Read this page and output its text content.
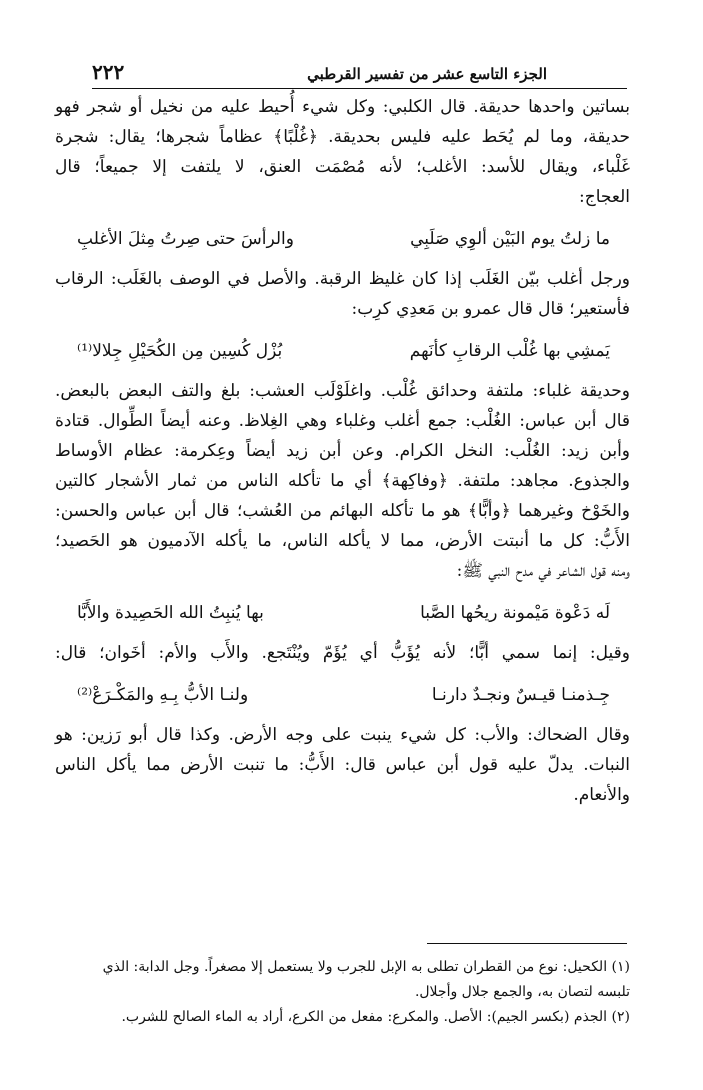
٢٢٢	الجزء التاسع عشر من تفسير القرطبي

بساتين واحدها حديقة. قال الكلبي: وكل شيء أُحيط عليه من نخيل أو شجر فهو

حديقة، وما لم يُحَط عليه فليس بحديقة. ﴿غُلْبًا﴾ عظاماً شجرها؛ يقال: شجرة

غَلْباء، ويقال للأسد: الأغلب؛ لأنه مُصْمَت العنق، لا يلتفت إلا جميعاً؛ قال

العجاج:

ما زلتُ يوم البَيْن ألوِي صَلَبِي
والرأسَ حتى صِرتُ مِثلَ الأغلبِ

ورجل أغلب بيّن الغَلَب إذا كان غليظ الرقبة. والأصل في الوصف بالغَلَب: الرقاب

فأستعير؛ قال قال عمرو بن مَعدِي كرِب:

يَمشِي بها غُلْب الرقابِ كأنَهم
بُزْل كُسِين مِن الكُحَيْلِ جِلالا⁽¹⁾

وحديقة غلباء: ملتفة وحدائق غُلْب. واغلَوْلَب العشب: بلغ والتف البعض بالبعض.

قال أبن عباس: الغُلْب: جمع أغلب وغلباء وهي الغِلاظ. وعنه أيضاً الطِّوال. قتادة

وأبن زيد: الغُلْب: النخل الكرام. وعن أبن زيد أيضاً وعِكرمة: عظام الأوساط

والجذوع. مجاهد: ملتفة. ﴿وفاكِهة﴾ أي ما تأكله الناس من ثمار الأشجار كالتين

والخَوْخ وغيرهما ﴿وأبًّا﴾ هو ما تأكله البهائم من العُشب؛ قال أبن عباس والحسن:

الأَبُّ: كل ما أنبتت الأرض، مما لا يأكله الناس، ما يأكله الآدميون هو الحَصيد؛

ومنه قول الشاعر في مدح النبي ﷺ:

لَه دَعْوة مَيْمونة ريحُها الصَّبا
بها يُنبِتُ الله الحَصِيدة والأَبَّا

وقيل: إنما سمي أبًّا؛ لأنه يُؤَبُّ أي يُؤَمّ ويُنْتَجع. والأَب والأم: أخَوان؛ قال:

جِـذمنـا قيـسٌ ونجـدٌ دارنـا
ولنـا الأبُّ بِـهِ والمَكْـرَعْ⁽²⁾

وقال الضحاك: والأب: كل شيء ينبت على وجه الأرض. وكذا قال أبو رَزين: هو

النبات. يدلّ عليه قول أبن عباس قال: الأَبُّ: ما تنبت الأرض مما يأكل الناس والأنعام.

(١) الكحيل: نوع من القطران تطلى به الإبل للجرب ولا يستعمل إلا مصغراً. وجل الدابة: الذي

تلبسه لتصان به، والجمع جلال وأجلال.

(٢) الجذم (بكسر الجيم): الأصل. والمكرع: مفعل من الكرع، أراد به الماء الصالح للشرب.
